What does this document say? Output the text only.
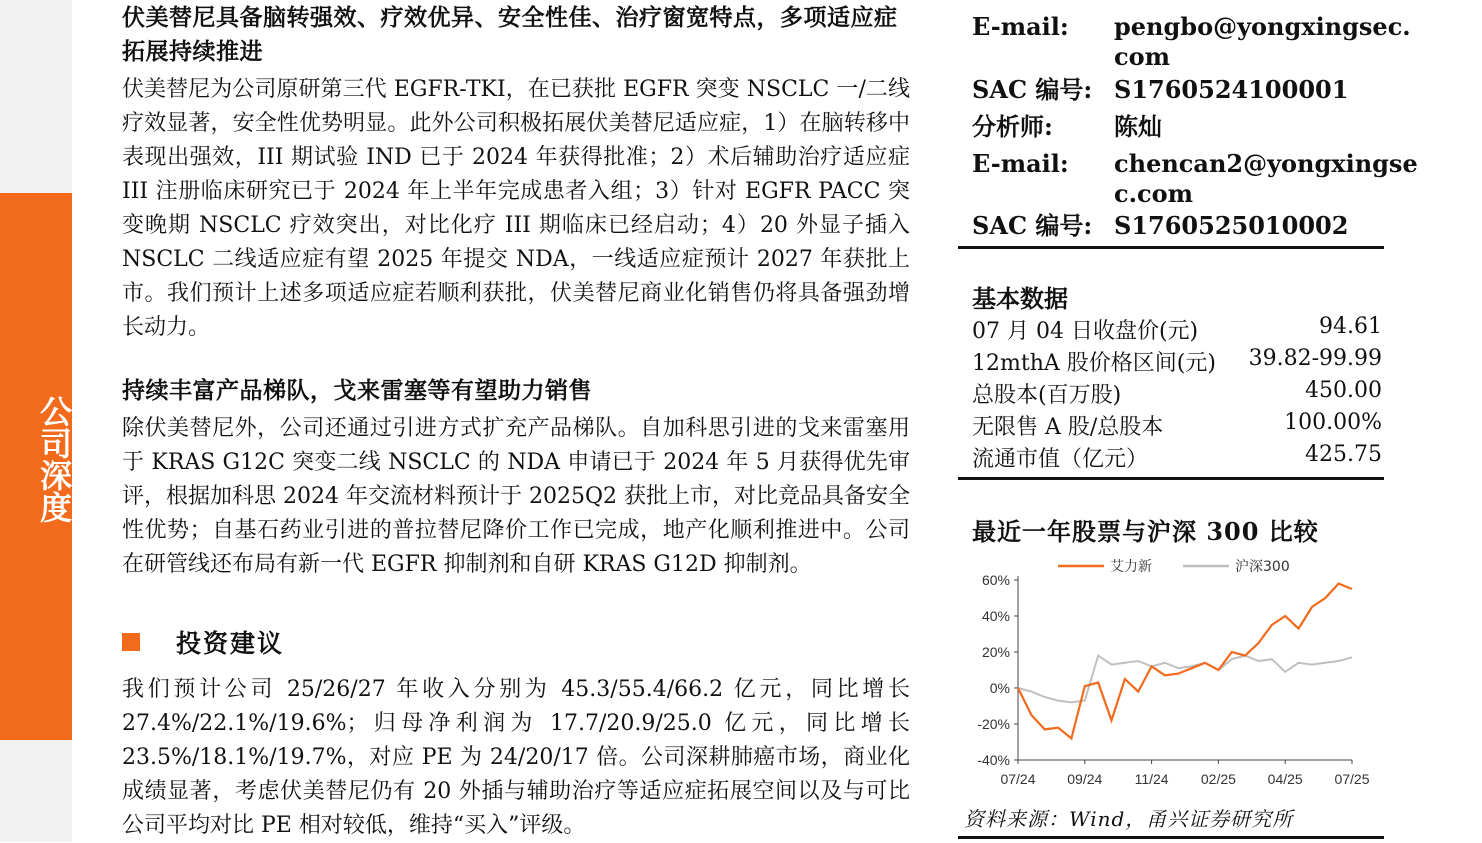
公司深度

伏美替尼具备脑转强效、疗效优异、安全性佳、治疗窗宽特点，多项适应症拓展持续推进

伏美替尼为公司原研第三代 EGFR-TKI，在已获批 EGFR 突变 NSCLC 一/二线疗效显著，安全性优势明显。此外公司积极拓展伏美替尼适应症，1）在脑转移中表现出强效，III 期试验 IND 已于 2024 年获得批准；2）术后辅助治疗适应症 III 注册临床研究已于 2024 年上半年完成患者入组；3）针对 EGFR PACC 突变晚期 NSCLC 疗效突出，对比化疗 III 期临床已经启动；4）20 外显子插入 NSCLC 二线适应症有望 2025 年提交 NDA，一线适应症预计 2027 年获批上市。我们预计上述多项适应症若顺利获批，伏美替尼商业化销售仍将具备强劲增长动力。

持续丰富产品梯队，戈来雷塞等有望助力销售

除伏美替尼外，公司还通过引进方式扩充产品梯队。自加科思引进的戈来雷塞用于 KRAS G12C 突变二线 NSCLC 的 NDA 申请已于 2024 年 5 月获得优先审评，根据加科思 2024 年交流材料预计于 2025Q2 获批上市，对比竞品具备安全性优势；自基石药业引进的普拉替尼降价工作已完成，地产化顺利推进中。公司在研管线还布局有新一代 EGFR 抑制剂和自研 KRAS G12D 抑制剂。

投资建议

我们预计公司 25/26/27 年收入分别为 45.3/55.4/66.2 亿元，同比增长 27.4%/22.1%/19.6%；归母净利润为 17.7/20.9/25.0 亿元，同比增长 23.5%/18.1%/19.7%，对应 PE 为 24/20/17 倍。公司深耕肺癌市场，商业化成绩显著，考虑伏美替尼仍有 20 外插与辅助治疗等适应症拓展空间以及与可比公司平均对比 PE 相对较低，维持“买入”评级。

E-mail:	pengbo@yongxingsec.
com
SAC 编号: S1760524100001
分析师:	陈灿
E-mail:	chencan2@yongxingse
c.com
SAC 编号: S1760525010002
基本数据
07 月 04 日收盘价(元)	94.61
12mthA 股价格区间(元) 39.82-99.99
总股本(百万股)	450.00
无限售 A 股/总股本	100.00%
流通市值（亿元）	425.75
最近一年股票与沪深 300 比较
60%
40%
20%
0%
-20%
-40%
07/24 09/24 11/24 02/25 04/25 07/25
艾力新	沪深300
资料来源：Wind，甬兴证券研究所
